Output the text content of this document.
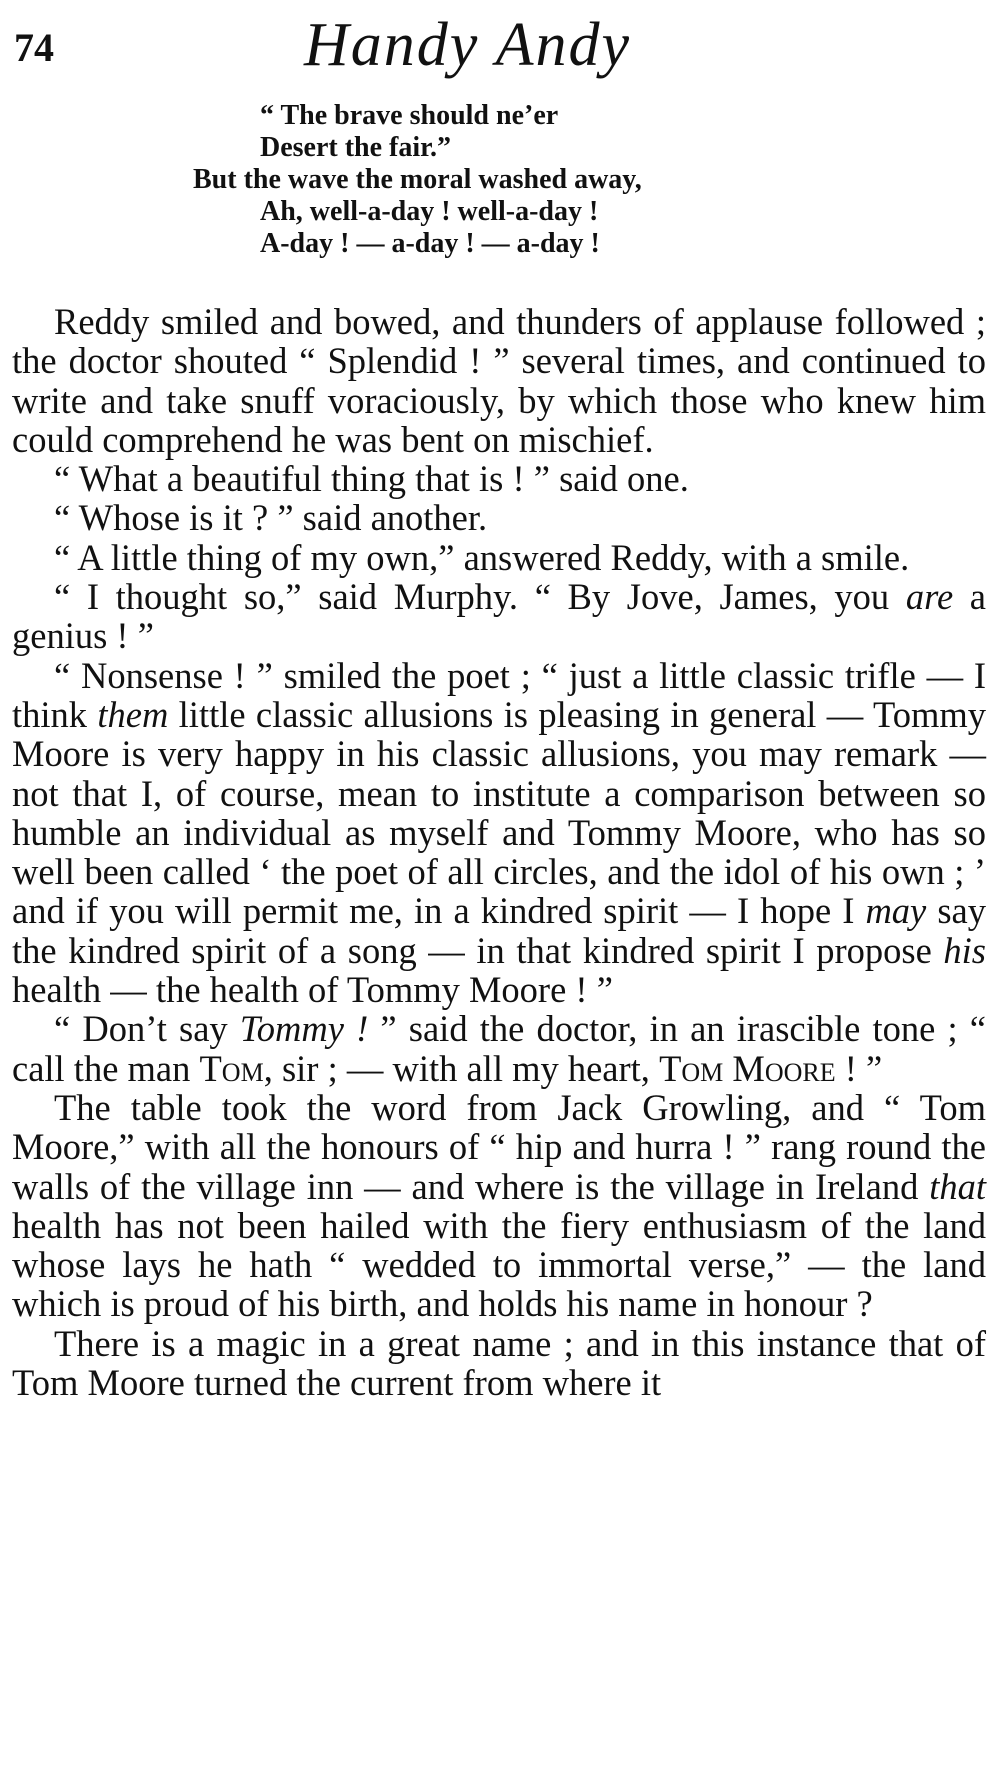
74	Handy Andy
“ The brave should ne’er
Desert the fair.”
But the wave the moral washed away,
Ah, well-a-day ! well-a-day !
A-day ! — a-day ! — a-day !

Reddy smiled and bowed, and thunders of applause followed ; the doctor shouted “ Splendid ! ” several times, and continued to write and take snuff voraciously, by which those who knew him could comprehend he was bent on mischief.

“ What a beautiful thing that is ! ” said one.

“ Whose is it ? ” said another.

“ A little thing of my own,” answered Reddy, with a smile.

“ I thought so,” said Murphy. “ By Jove, James, you are a genius ! ”

“ Nonsense ! ” smiled the poet ; “ just a little classic trifle — I think them little classic allusions is pleasing in general — Tommy Moore is very happy in his classic allusions, you may remark — not that I, of course, mean to institute a comparison between so humble an individual as myself and Tommy Moore, who has so well been called ‘ the poet of all circles, and the idol of his own ; ’ and if you will permit me, in a kindred spirit — I hope I may say the kindred spirit of a song — in that kindred spirit I propose his health — the health of Tommy Moore ! ”

“ Don’t say Tommy ! ” said the doctor, in an irascible tone ; “ call the man Tom, sir ; — with all my heart, Tom Moore ! ”

The table took the word from Jack Growling, and “ Tom Moore,” with all the honours of “ hip and hurra ! ” rang round the walls of the village inn — and where is the village in Ireland that health has not been hailed with the fiery enthusiasm of the land whose lays he hath “ wedded to immortal verse,” — the land which is proud of his birth, and holds his name in honour ?

There is a magic in a great name ; and in this instance that of Tom Moore turned the current from where it
